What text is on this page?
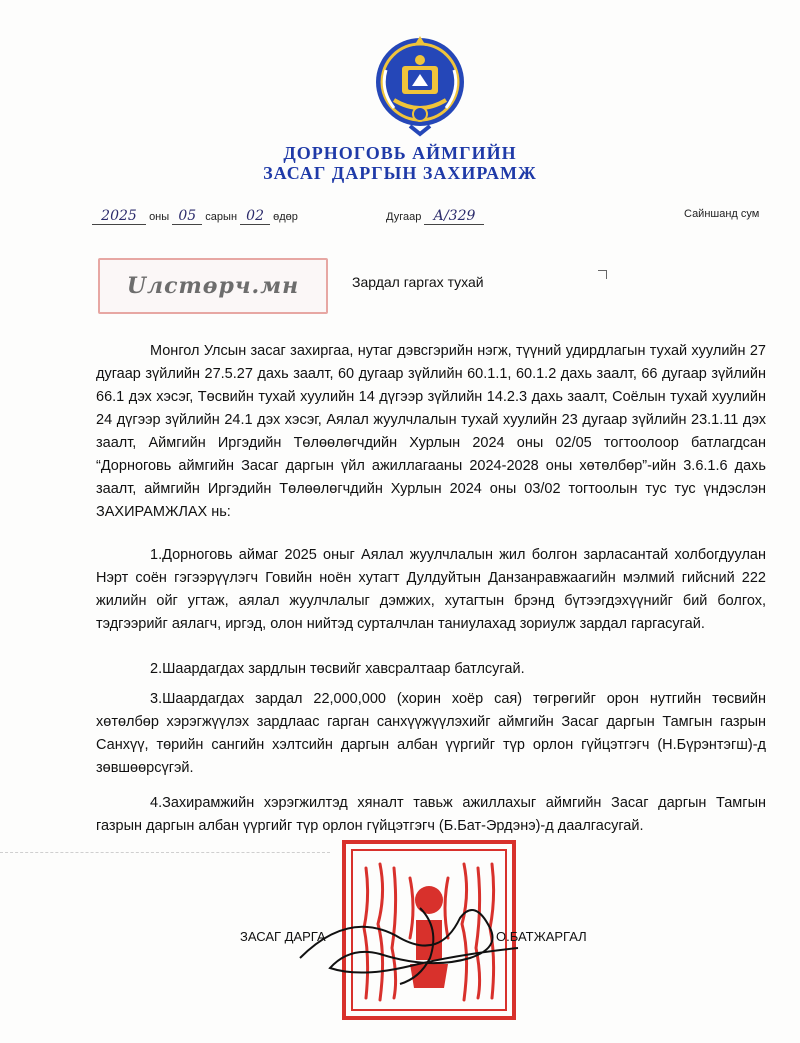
ДОРНОГОВЬ АЙМГИЙН
ЗАСАГ ДАРГЫН ЗАХИРАМЖ
2025 оны 05 сарын 02 өдөр	Дугаар А/329	Сайншанд сум
Uлстөрч.мн	Зардал гаргах тухай

Монгол Улсын засаг захиргаа, нутаг дэвсгэрийн нэгж, түүний удирдлагын тухай хуулийн 27 дугаар зүйлийн 27.5.27 дахь заалт, 60 дугаар зүйлийн 60.1.1, 60.1.2 дахь заалт, 66 дугаар зүйлийн 66.1 дэх хэсэг, Төсвийн тухай хуулийн 14 дүгээр зүйлийн 14.2.3 дахь заалт, Соёлын тухай хуулийн 24 дүгээр зүйлийн 24.1 дэх хэсэг, Аялал жуулчлалын тухай хуулийн 23 дугаар зүйлийн 23.1.11 дэх заалт, Аймгийн Иргэдийн Төлөөлөгчдийн Хурлын 2024 оны 02/05 тогтоолоор батлагдсан “Дорноговь аймгийн Засаг даргын үйл ажиллагааны 2024-2028 оны хөтөлбөр”-ийн 3.6.1.6 дахь заалт, аймгийн Иргэдийн Төлөөлөгчдийн Хурлын 2024 оны 03/02 тогтоолын тус тус үндэслэн ЗАХИРАМЖЛАХ нь:

1.Дорноговь аймаг 2025 оныг Аялал жуулчлалын жил болгон зарласантай холбогдуулан Нэрт соён гэгээрүүлэгч Говийн ноён хутагт Дулдуйтын Данзанравжаагийн мэлмий гийсний 222 жилийн ойг угтаж, аялал жуулчлалыг дэмжих, хутагтын брэнд бүтээгдэхүүнийг бий болгох, тэдгээрийг аялагч, иргэд, олон нийтэд сурталчлан таниулахад зориулж зардал гаргасугай.

2.Шаардагдах зардлын төсвийг хавсралтаар батлсугай.

3.Шаардагдах зардал 22,000,000 (хорин хоёр сая) төгрөгийг орон нутгийн төсвийн хөтөлбөр хэрэгжүүлэх зардлаас гарган санхүүжүүлэхийг аймгийн Засаг даргын Тамгын газрын Санхүү, төрийн сангийн хэлтсийн даргын албан үүргийг түр орлон гүйцэтгэгч (Н.Бүрэнтэгш)-д зөвшөөрсүгэй.

4.Захирамжийн хэрэгжилтэд хяналт тавьж ажиллахыг аймгийн Засаг даргын Тамгын газрын даргын албан үүргийг түр орлон гүйцэтгэгч (Б.Бат-Эрдэнэ)-д даалгасугай.

ЗАСАГ ДАРГА	О.БАТЖАРГАЛ
